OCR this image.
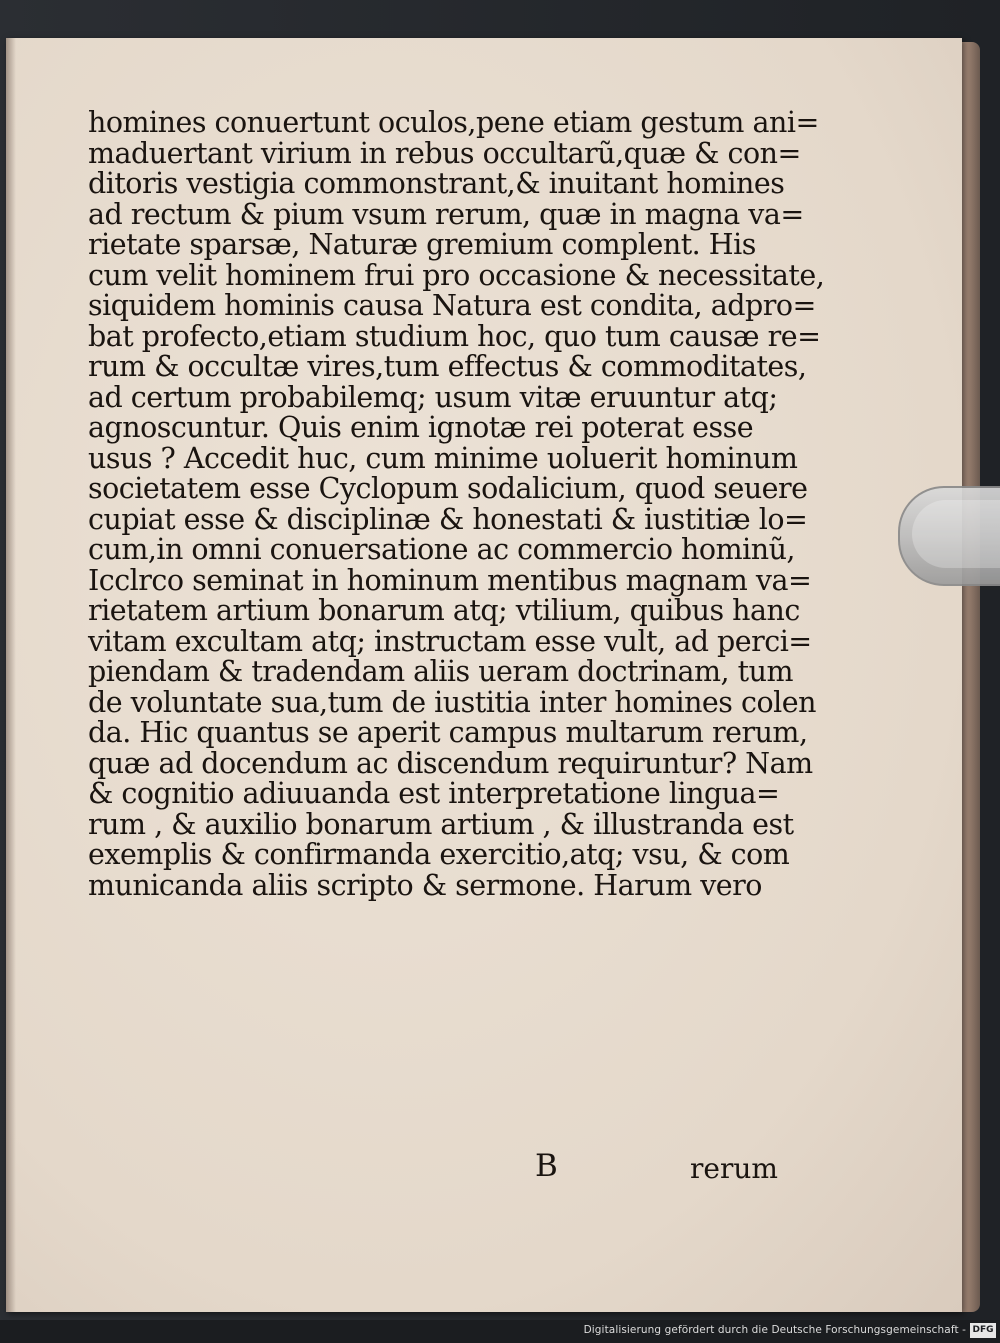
homines conuertunt oculos,pene etiam gestum ani=
maduertant virium in rebus occultarũ,quæ & con=
ditoris vestigia commonstrant,& inuitant homines
ad rectum & pium vsum rerum, quæ in magna va=
rietate sparsæ, Naturæ gremium complent. His
cum velit hominem frui pro occasione & necessitate,
siquidem hominis causa Natura est condita, adpro=
bat profecto,etiam studium hoc, quo tum causæ re=
rum & occultæ vires,tum effectus & commoditates,
ad certum probabilemq; usum vitæ eruuntur atq;
agnoscuntur. Quis enim ignotæ rei poterat esse
usus ? Accedit huc, cum minime uoluerit hominum
societatem esse Cyclopum sodalicium, quod seuere
cupiat esse & disciplinæ & honestati & iustitiæ lo=
cum,in omni conuersatione ac commercio hominũ,
Icclrco seminat in hominum mentibus magnam va=
rietatem artium bonarum atq; vtilium, quibus hanc
vitam excultam atq; instructam esse vult, ad perci=
piendam & tradendam aliis ueram doctrinam, tum
de voluntate sua,tum de iustitia inter homines colen
da. Hic quantus se aperit campus multarum rerum,
quæ ad docendum ac discendum requiruntur? Nam
& cognitio adiuuanda est interpretatione lingua=
rum , & auxilio bonarum artium , & illustranda est
exemplis & confirmanda exercitio,atq; vsu, & com
municanda aliis scripto & sermone. Harum vero
B	rerum
Digitalisierung gefördert durch die Deutsche Forschungsgemeinschaft - DFG
